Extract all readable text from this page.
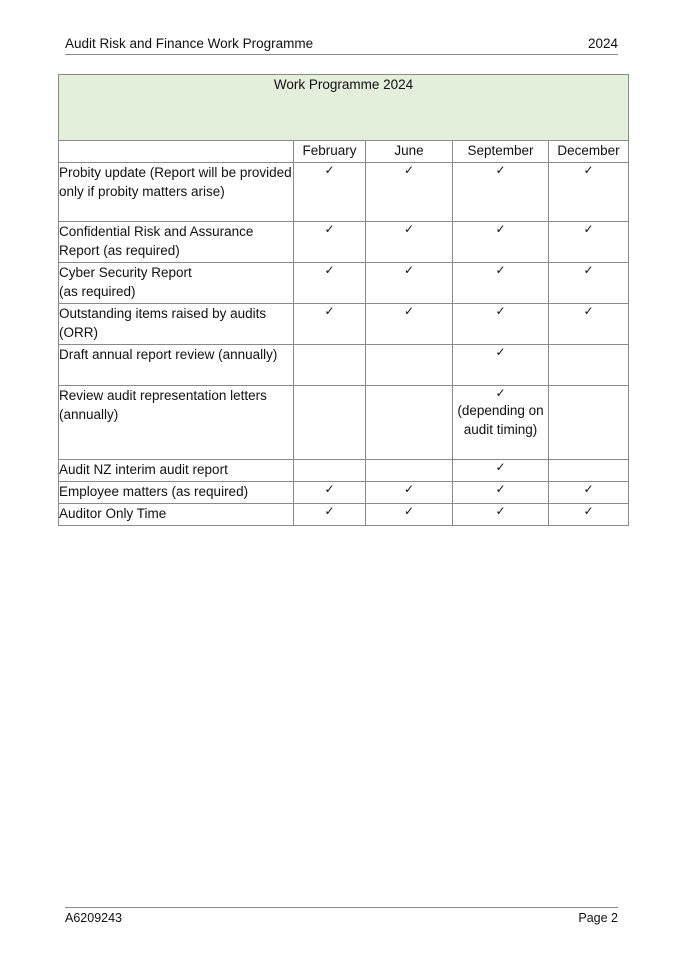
Audit Risk and Finance Work Programme	2024
Work Programme 2024				
	February	June	September	December
Probity update (Report will be provided only if probity matters arise)	✓	✓	✓	✓

Confidential Risk and Assurance Report (as required)	✓	✓	✓	✓

Cyber Security Report
(as required)	✓	✓	✓	✓

Outstanding items raised by audits (ORR)	✓	✓	✓	✓

Draft annual report review (annually)			✓	

Review audit representation letters (annually)			✓
(depending on audit timing)	

Audit NZ interim audit report			✓	

Employee matters (as required)	✓	✓	✓	✓

Auditor Only Time	✓	✓	✓	✓
A6209243	Page 2
